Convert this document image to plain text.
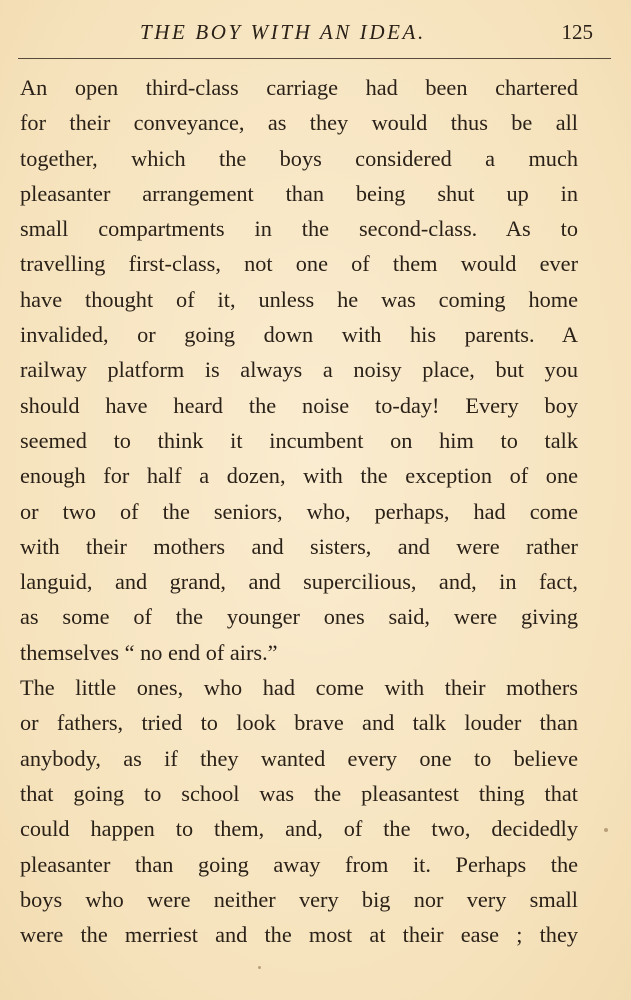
THE BOY WITH AN IDEA.	125
An open third-class carriage had been chartered
for their conveyance, as they would thus be all
together, which the boys considered a much
pleasanter arrangement than being shut up in
small compartments in the second-class. As to
travelling first-class, not one of them would ever
have thought of it, unless he was coming home
invalided, or going down with his parents. A
railway platform is always a noisy place, but you
should have heard the noise to-day! Every boy
seemed to think it incumbent on him to talk
enough for half a dozen, with the exception of one
or two of the seniors, who, perhaps, had come
with their mothers and sisters, and were rather
languid, and grand, and supercilious, and, in fact,
as some of the younger ones said, were giving
themselves “ no end of airs.”
The little ones, who had come with their mothers
or fathers, tried to look brave and talk louder than
anybody, as if they wanted every one to believe
that going to school was the pleasantest thing that
could happen to them, and, of the two, decidedly
pleasanter than going away from it. Perhaps the
boys who were neither very big nor very small
were the merriest and the most at their ease ; they
